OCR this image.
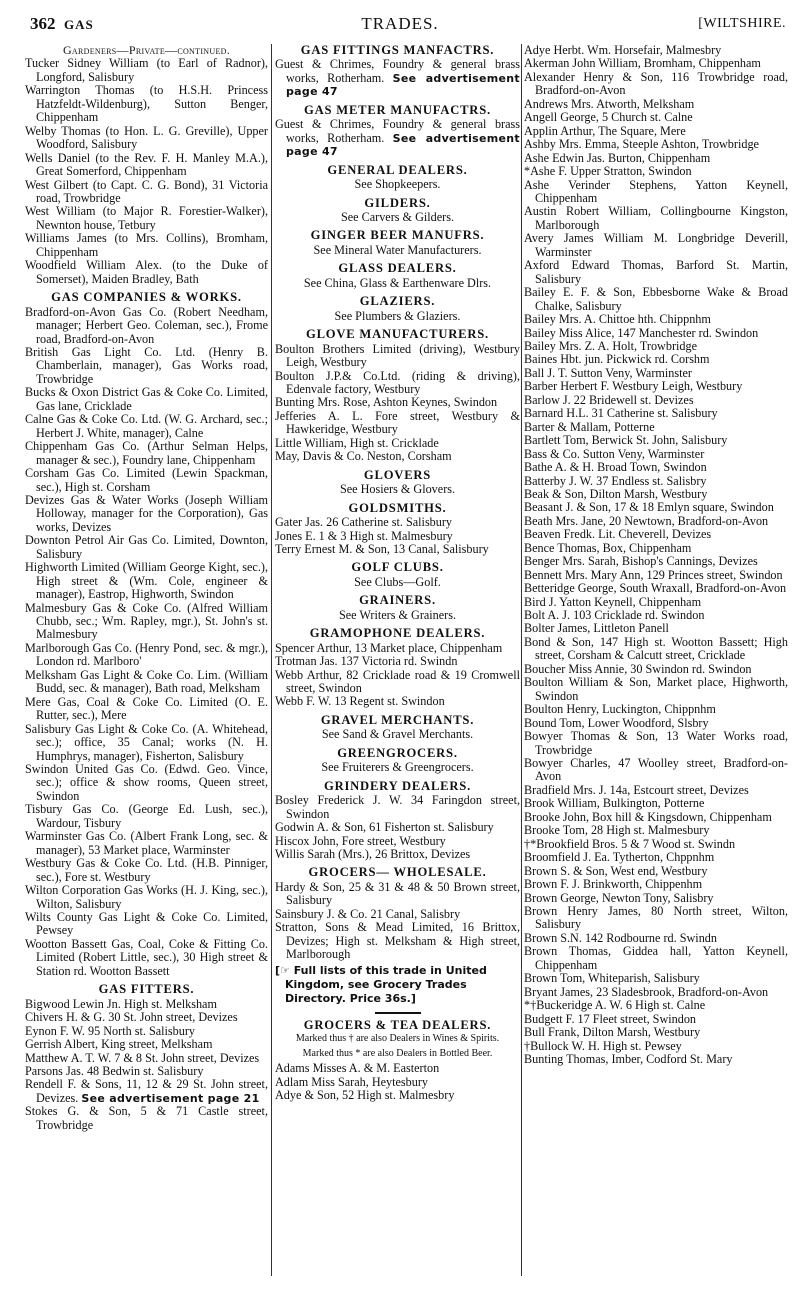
362 GAS	TRADES.	[WILTSHIRE.
Gardeners—Private—continued.
Tucker Sidney William (to Earl of Radnor), Longford, Salisbury
Warrington Thomas (to H.S.H. Princess Hatzfeldt-Wildenburg), Sutton Benger, Chippenham
Welby Thomas (to Hon. L. G. Greville), Upper Woodford, Salisbury
Wells Daniel (to the Rev. F. H. Manley M.A.), Great Somerford, Chippenham
West Gilbert (to Capt. C. G. Bond), 31 Victoria road, Trowbridge
West William (to Major R. Forestier-Walker), Newnton house, Tetbury
Williams James (to Mrs. Collins), Bromham, Chippenham
Woodfield William Alex. (to the Duke of Somerset), Maiden Bradley, Bath
GAS COMPANIES & WORKS.
Bradford-on-Avon Gas Co. (Robert Needham, manager; Herbert Geo. Coleman, sec.), Frome road, Bradford-on-Avon
British Gas Light Co. Ltd. (Henry B. Chamberlain, manager), Gas Works road, Trowbridge
Bucks & Oxon District Gas & Coke Co. Limited, Gas lane, Cricklade
Calne Gas & Coke Co. Ltd. (W. G. Archard, sec.; Herbert J. White, manager), Calne
Chippenham Gas Co. (Arthur Selman Helps, manager & sec.), Foundry lane, Chippenham
Corsham Gas Co. Limited (Lewin Spackman, sec.), High st. Corsham
Devizes Gas & Water Works (Joseph William Holloway, manager for the Corporation), Gas works, Devizes
Downton Petrol Air Gas Co. Limited, Downton, Salisbury
Highworth Limited (William George Kight, sec.), High street & (Wm. Cole, engineer & manager), Eastrop, Highworth, Swindon
Malmesbury Gas & Coke Co. (Alfred William Chubb, sec.; Wm. Rapley, mgr.), St. John's st. Malmesbury
Marlborough Gas Co. (Henry Pond, sec. & mgr.), London rd. Marlboro'
Melksham Gas Light & Coke Co. Lim. (William Budd, sec. & manager), Bath road, Melksham
Mere Gas, Coal & Coke Co. Limited (O. E. Rutter, sec.), Mere
Salisbury Gas Light & Coke Co. (A. Whitehead, sec.); office, 35 Canal; works (N. H. Humphrys, manager), Fisherton, Salisbury
Swindon United Gas Co. (Edwd. Geo. Vince, sec.); office & show rooms, Queen street, Swindon
Tisbury Gas Co. (George Ed. Lush, sec.), Wardour, Tisbury
Warminster Gas Co. (Albert Frank Long, sec. & manager), 53 Market place, Warminster
Westbury Gas & Coke Co. Ltd. (H.B. Pinniger, sec.), Fore st. Westbury
Wilton Corporation Gas Works (H. J. King, sec.), Wilton, Salisbury
Wilts County Gas Light & Coke Co. Limited, Pewsey
Wootton Bassett Gas, Coal, Coke & Fitting Co. Limited (Robert Little, sec.), 30 High street & Station rd. Wootton Bassett
GAS FITTERS.
Bigwood Lewin Jn. High st. Melksham
Chivers H. & G. 30 St. John street, Devizes
Eynon F. W. 95 North st. Salisbury
Gerrish Albert, King street, Melksham
Matthew A. T. W. 7 & 8 St. John street, Devizes
Parsons Jas. 48 Bedwin st. Salisbury
Rendell F. & Sons, 11, 12 & 29 St. John street, Devizes. See advertisement page 21
Stokes G. & Son, 5 & 71 Castle street, Trowbridge
GAS FITTINGS MANFACTRS.
Guest & Chrimes, Foundry & general brass works, Rotherham. See advertisement page 47
GAS METER MANUFACTRS.
Guest & Chrimes, Foundry & general brass works, Rotherham. See advertisement page 47
GENERAL DEALERS.
See Shopkeepers.
GILDERS.
See Carvers & Gilders.
GINGER BEER MANUFRS.
See Mineral Water Manufacturers.
GLASS DEALERS.
See China, Glass & Earthenware Dlrs.
GLAZIERS.
See Plumbers & Glaziers.
GLOVE MANUFACTURERS.
Boulton Brothers Limited (driving), Westbury Leigh, Westbury
Boulton J.P.& Co.Ltd. (riding & driving), Edenvale factory, Westbury
Bunting Mrs. Rose, Ashton Keynes, Swindon
Jefferies A. L. Fore street, Westbury & Hawkeridge, Westbury
Little William, High st. Cricklade
May, Davis & Co. Neston, Corsham
GLOVERS
See Hosiers & Glovers.
GOLDSMITHS.
Gater Jas. 26 Catherine st. Salisbury
Jones E. 1 & 3 High st. Malmesbury
Terry Ernest M. & Son, 13 Canal, Salisbury
GOLF CLUBS.
See Clubs—Golf.
GRAINERS.
See Writers & Grainers.
GRAMOPHONE DEALERS.
Spencer Arthur, 13 Market place, Chippenham
Trotman Jas. 137 Victoria rd. Swindn
Webb Arthur, 82 Cricklade road & 19 Cromwell street, Swindon
Webb F. W. 13 Regent st. Swindon
GRAVEL MERCHANTS.
See Sand & Gravel Merchants.
GREENGROCERS.
See Fruiterers & Greengrocers.
GRINDERY DEALERS.
Bosley Frederick J. W. 34 Faringdon street, Swindon
Godwin A. & Son, 61 Fisherton st. Salisbury
Hiscox John, Fore street, Westbury
Willis Sarah (Mrs.), 26 Brittox, Devizes
GROCERS— WHOLESALE.
Hardy & Son, 25 & 31 & 48 & 50 Brown street, Salisbury
Sainsbury J. & Co. 21 Canal, Salisbry
Stratton, Sons & Mead Limited, 16 Brittox, Devizes; High st. Melksham & High street, Marlborough
[☞ Full lists of this trade in United Kingdom, see Grocery Trades Directory. Price 36s.]
GROCERS & TEA DEALERS.
Marked thus † are also Dealers in Wines & Spirits.
Marked thus * are also Dealers in Bottled Beer.
Adams Misses A. & M. Easterton
Adlam Miss Sarah, Heytesbury
Adye & Son, 52 High st. Malmesbry
Adye Herbt. Wm. Horsefair, Malmesbry
Akerman John William, Bromham, Chippenham
Alexander Henry & Son, 116 Trowbridge road, Bradford-on-Avon
Andrews Mrs. Atworth, Melksham
Angell George, 5 Church st. Calne
Applin Arthur, The Square, Mere
Ashby Mrs. Emma, Steeple Ashton, Trowbridge
Ashe Edwin Jas. Burton, Chippenham
*Ashe F. Upper Stratton, Swindon
Ashe Verinder Stephens, Yatton Keynell, Chippenham
Austin Robert William, Collingbourne Kingston, Marlborough
Avery James William M. Longbridge Deverill, Warminster
Axford Edward Thomas, Barford St. Martin, Salisbury
Bailey E. F. & Son, Ebbesborne Wake & Broad Chalke, Salisbury
Bailey Mrs. A. Chittoe hth. Chippnhm
Bailey Miss Alice, 147 Manchester rd. Swindon
Bailey Mrs. Z. A. Holt, Trowbridge
Baines Hbt. jun. Pickwick rd. Corshm
Ball J. T. Sutton Veny, Warminster
Barber Herbert F. Westbury Leigh, Westbury
Barlow J. 22 Bridewell st. Devizes
Barnard H.L. 31 Catherine st. Salisbury
Barter & Mallam, Potterne
Bartlett Tom, Berwick St. John, Salisbury
Bass & Co. Sutton Veny, Warminster
Bathe A. & H. Broad Town, Swindon
Batterby J. W. 37 Endless st. Salisbry
Beak & Son, Dilton Marsh, Westbury
Beasant J. & Son, 17 & 18 Emlyn square, Swindon
Beath Mrs. Jane, 20 Newtown, Bradford-on-Avon
Beaven Fredk. Lit. Cheverell, Devizes
Bence Thomas, Box, Chippenham
Benger Mrs. Sarah, Bishop's Cannings, Devizes
Bennett Mrs. Mary Ann, 129 Princes street, Swindon
Betteridge George, South Wraxall, Bradford-on-Avon
Bird J. Yatton Keynell, Chippenham
Bolt A. J. 103 Cricklade rd. Swindon
Bolter James, Littleton Panell
Bond & Son, 147 High st. Wootton Bassett; High street, Corsham & Calcutt street, Cricklade
Boucher Miss Annie, 30 Swindon rd. Swindon
Boulton William & Son, Market place, Highworth, Swindon
Boulton Henry, Luckington, Chippnhm
Bound Tom, Lower Woodford, Slsbry
Bowyer Thomas & Son, 13 Water Works road, Trowbridge
Bowyer Charles, 47 Woolley street, Bradford-on-Avon
Bradfield Mrs. J. 14a, Estcourt street, Devizes
Brook William, Bulkington, Potterne
Brooke John, Box hill & Kingsdown, Chippenham
Brooke Tom, 28 High st. Malmesbury
†*Brookfield Bros. 5 & 7 Wood st. Swindn
Broomfield J. Ea. Tytherton, Chppnhm
Brown S. & Son, West end, Westbury
Brown F. J. Brinkworth, Chippenhm
Brown George, Newton Tony, Salisbry
Brown Henry James, 80 North street, Wilton, Salisbury
Brown S.N. 142 Rodbourne rd. Swindn
Brown Thomas, Giddea hall, Yatton Keynell, Chippenham
Brown Tom, Whiteparish, Salisbury
Bryant James, 23 Sladesbrook, Bradford-on-Avon
*†Buckeridge A. W. 6 High st. Calne
Budgett F. 17 Fleet street, Swindon
Bull Frank, Dilton Marsh, Westbury
†Bullock W. H. High st. Pewsey
Bunting Thomas, Imber, Codford St. Mary
